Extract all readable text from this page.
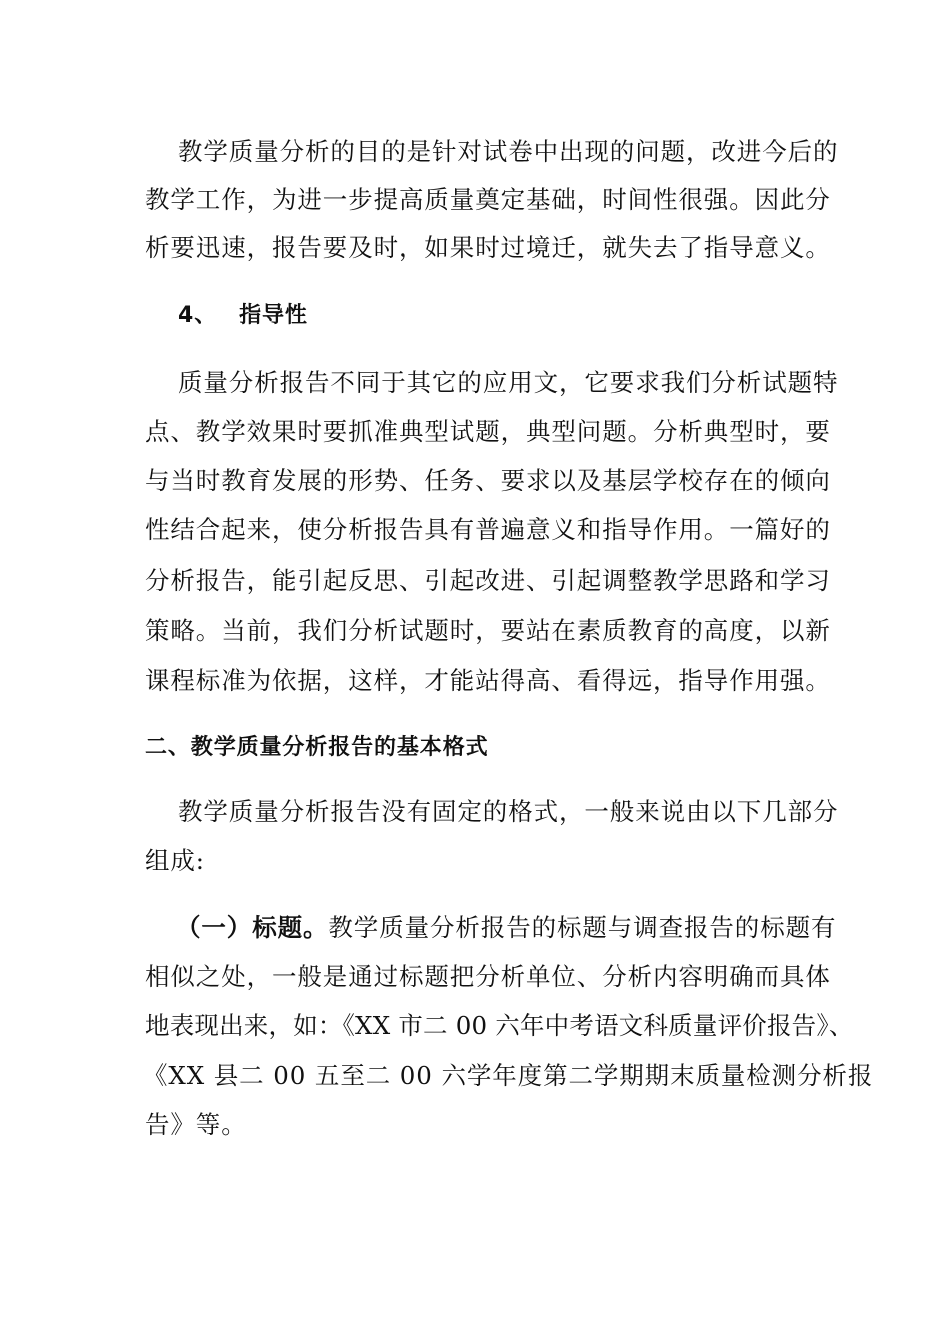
教学质量分析的目的是针对试卷中出现的问题，改进今后的
教学工作，为进一步提高质量奠定基础，时间性很强。因此分
析要迅速，报告要及时，如果时过境迁，就失去了指导意义。
4、 指导性
质量分析报告不同于其它的应用文，它要求我们分析试题特
点、教学效果时要抓准典型试题，典型问题。分析典型时，要
与当时教育发展的形势、任务、要求以及基层学校存在的倾向
性结合起来，使分析报告具有普遍意义和指导作用。一篇好的
分析报告，能引起反思、引起改进、引起调整教学思路和学习
策略。当前，我们分析试题时，要站在素质教育的高度，以新
课程标准为依据，这样，才能站得高、看得远，指导作用强。
二、教学质量分析报告的基本格式
教学质量分析报告没有固定的格式，一般来说由以下几部分
组成:
（一）标题。教学质量分析报告的标题与调查报告的标题有
相似之处，一般是通过标题把分析单位、分析内容明确而具体
地表现出来，如：《XX 市二 00 六年中考语文科质量评价报告》、
《XX 县二 00 五至二 00 六学年度第二学期期末质量检测分析报
告》等。
